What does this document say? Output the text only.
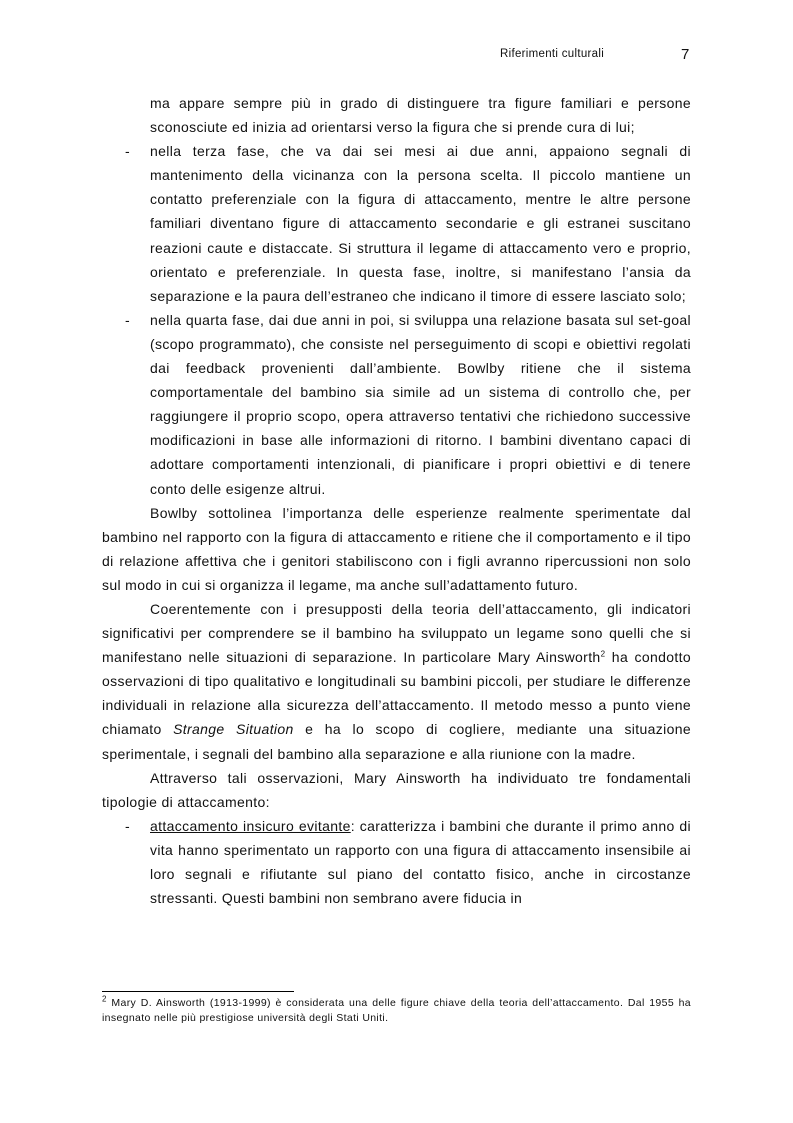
Riferimenti culturali	7

ma appare sempre più in grado di distinguere tra figure familiari e persone sconosciute ed inizia ad orientarsi verso la figura che si prende cura di lui;

- nella terza fase, che va dai sei mesi ai due anni, appaiono segnali di mantenimento della vicinanza con la persona scelta. Il piccolo mantiene un contatto preferenziale con la figura di attaccamento, mentre le altre persone familiari diventano figure di attaccamento secondarie e gli estranei suscitano reazioni caute e distaccate. Si struttura il legame di attaccamento vero e proprio, orientato e preferenziale. In questa fase, inoltre, si manifestano l’ansia da separazione e la paura dell’estraneo che indicano il timore di essere lasciato solo;

- nella quarta fase, dai due anni in poi, si sviluppa una relazione basata sul set-goal (scopo programmato), che consiste nel perseguimento di scopi e obiettivi regolati dai feedback provenienti dall’ambiente. Bowlby ritiene che il sistema comportamentale del bambino sia simile ad un sistema di controllo che, per raggiungere il proprio scopo, opera attraverso tentativi che richiedono successive modificazioni in base alle informazioni di ritorno. I bambini diventano capaci di adottare comportamenti intenzionali, di pianificare i propri obiettivi e di tenere conto delle esigenze altrui.

Bowlby sottolinea l’importanza delle esperienze realmente sperimentate dal bambino nel rapporto con la figura di attaccamento e ritiene che il comportamento e il tipo di relazione affettiva che i genitori stabiliscono con i figli avranno ripercussioni non solo sul modo in cui si organizza il legame, ma anche sull’adattamento futuro.

Coerentemente con i presupposti della teoria dell’attaccamento, gli indicatori significativi per comprendere se il bambino ha sviluppato un legame sono quelli che si manifestano nelle situazioni di separazione. In particolare Mary Ainsworth$^2$ ha condotto osservazioni di tipo qualitativo e longitudinali su bambini piccoli, per studiare le differenze individuali in relazione alla sicurezza dell’attaccamento. Il metodo messo a punto viene chiamato Strange Situation e ha lo scopo di cogliere, mediante una situazione sperimentale, i segnali del bambino alla separazione e alla riunione con la madre.

Attraverso tali osservazioni, Mary Ainsworth ha individuato tre fondamentali tipologie di attaccamento:

- attaccamento insicuro evitante: caratterizza i bambini che durante il primo anno di vita hanno sperimentato un rapporto con una figura di attaccamento insensibile ai loro segnali e rifiutante sul piano del contatto fisico, anche in circostanze stressanti. Questi bambini non sembrano avere fiducia in

$^2$ Mary D. Ainsworth (1913-1999) è considerata una delle figure chiave della teoria dell’attaccamento. Dal 1955 ha insegnato nelle più prestigiose università degli Stati Uniti.
